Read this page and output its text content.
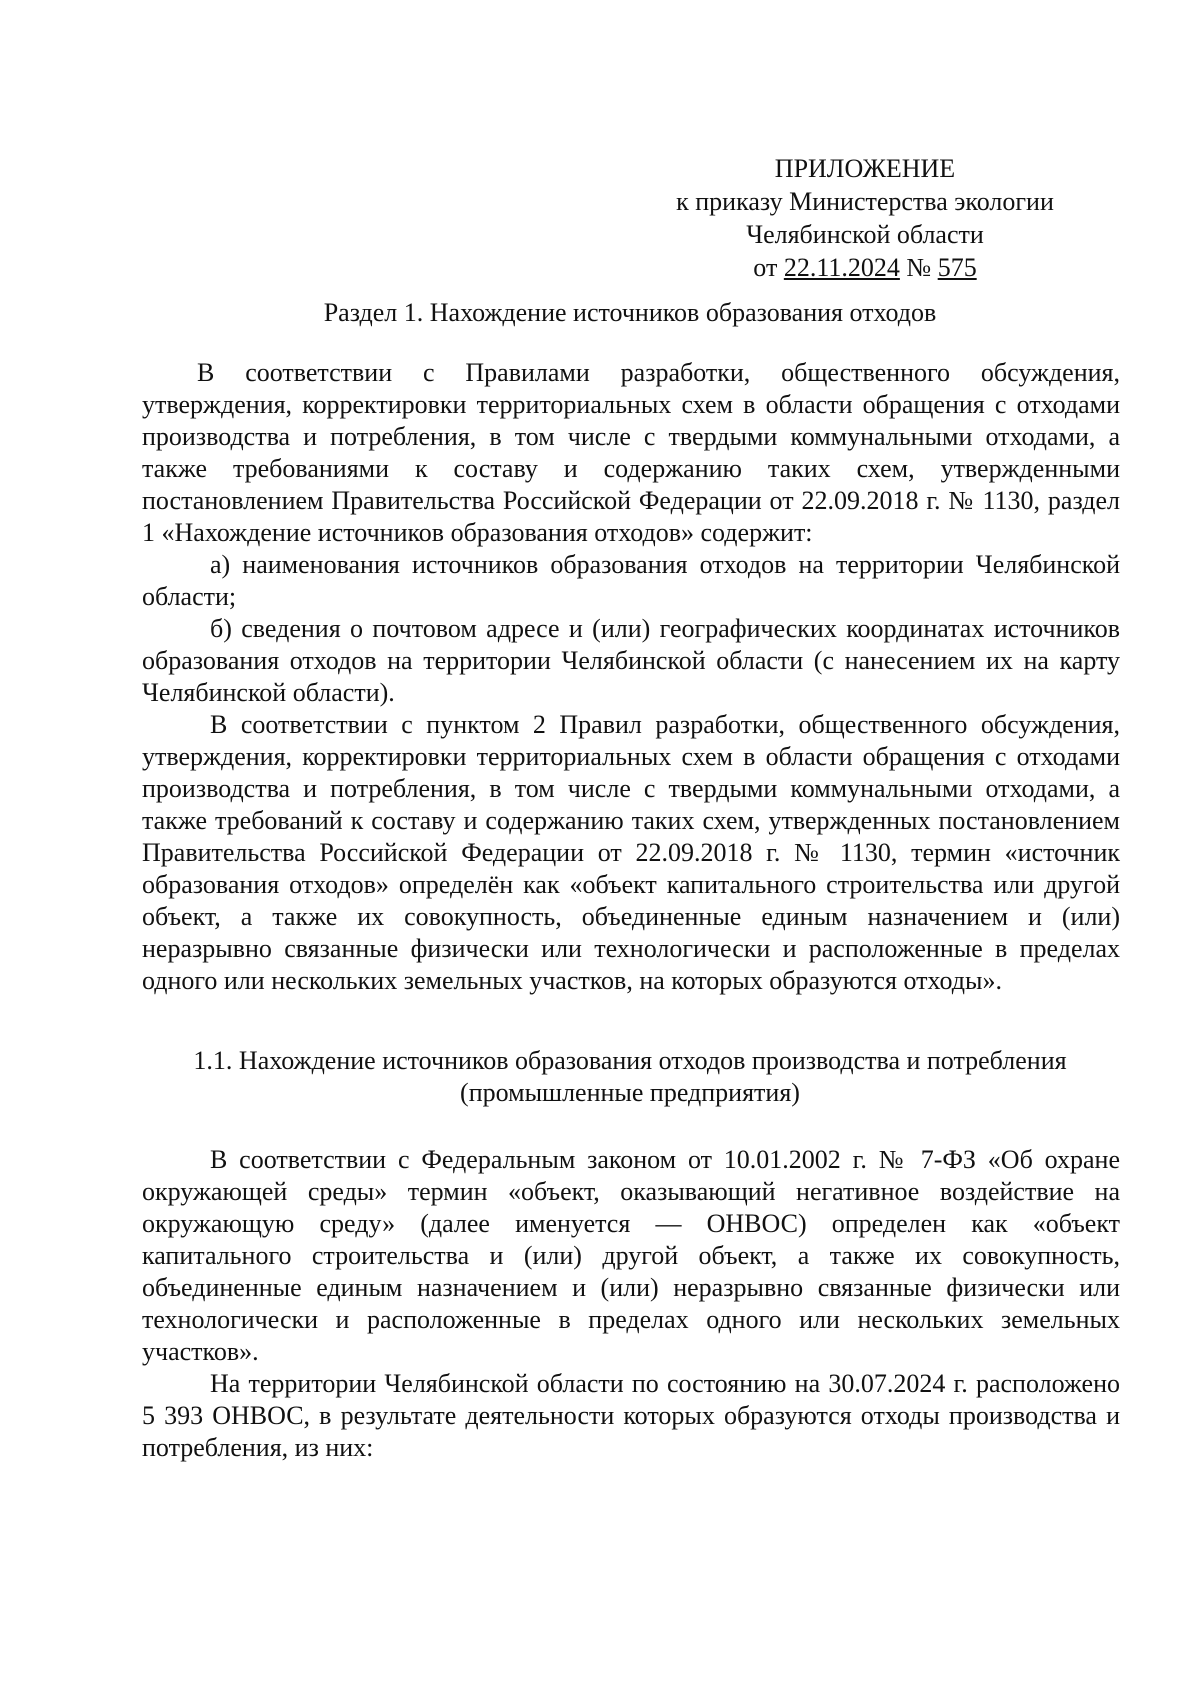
ПРИЛОЖЕНИЕ
к приказу Министерства экологии
Челябинской области
от 22.11.2024 № 575
Раздел 1. Нахождение источников образования отходов

В соответствии с Правилами разработки, общественного обсуждения, утверждения, корректировки территориальных схем в области обращения с отходами производства и потребления, в том числе с твердыми коммунальными отходами, а также требованиями к составу и содержанию таких схем, утвержденными постановлением Правительства Российской Федерации от 22.09.2018 г. № 1130, раздел 1 «Нахождение источников образования отходов» содержит:

а) наименования источников образования отходов на территории Челябинской области;

б) сведения о почтовом адресе и (или) географических координатах источников образования отходов на территории Челябинской области (с нанесением их на карту Челябинской области).

В соответствии с пунктом 2 Правил разработки, общественного обсуждения, утверждения, корректировки территориальных схем в области обращения с отходами производства и потребления, в том числе с твердыми коммунальными отходами, а также требований к составу и содержанию таких схем, утвержденных постановлением Правительства Российской Федерации от 22.09.2018 г. № 1130, термин «источник образования отходов» определён как «объект капитального строительства или другой объект, а также их совокупность, объединенные единым назначением и (или) неразрывно связанные физически или технологически и расположенные в пределах одного или нескольких земельных участков, на которых образуются отходы».

1.1. Нахождение источников образования отходов производства и потребления
(промышленные предприятия)

В соответствии с Федеральным законом от 10.01.2002 г. № 7-ФЗ «Об охране окружающей среды» термин «объект, оказывающий негативное воздействие на окружающую среду» (далее именуется — ОНВОС) определен как «объект капитального строительства и (или) другой объект, а также их совокупность, объединенные единым назначением и (или) неразрывно связанные физически или технологически и расположенные в пределах одного или нескольких земельных участков».

На территории Челябинской области по состоянию на 30.07.2024 г. расположено 5 393 ОНВОС, в результате деятельности которых образуются отходы производства и потребления, из них:
